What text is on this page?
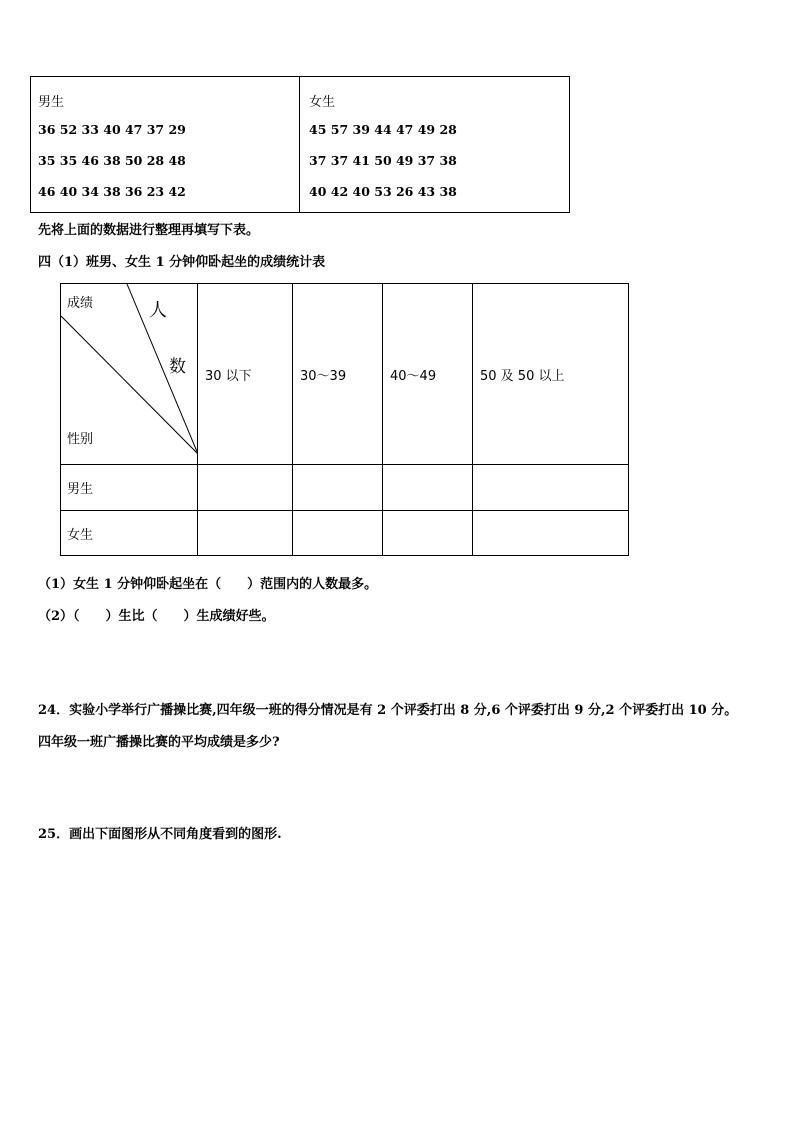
男生
36 52 33 40 47 37 29
35 35 46 38 50 28 48
46 40 34 38 36 23 42

女生
45 57 39 44 47 49 28
37 37 41 50 49 37 38
40 42 40 53 26 43 38
先将上面的数据进行整理再填写下表。
四（1）班男、女生 1 分钟仰卧起坐的成绩统计表
成绩 人
数
性别	30 以下	30～39	40～49	50 及 50 以上
男生				
女生				
（1）女生 1 分钟仰卧起坐在（　　）范围内的人数最多。
（2）（　　）生比（　　）生成绩好些。
24．实验小学举行广播操比赛,四年级一班的得分情况是有 2 个评委打出 8 分,6 个评委打出 9 分,2 个评委打出 10 分。
四年级一班广播操比赛的平均成绩是多少?
25．画出下面图形从不同角度看到的图形.
